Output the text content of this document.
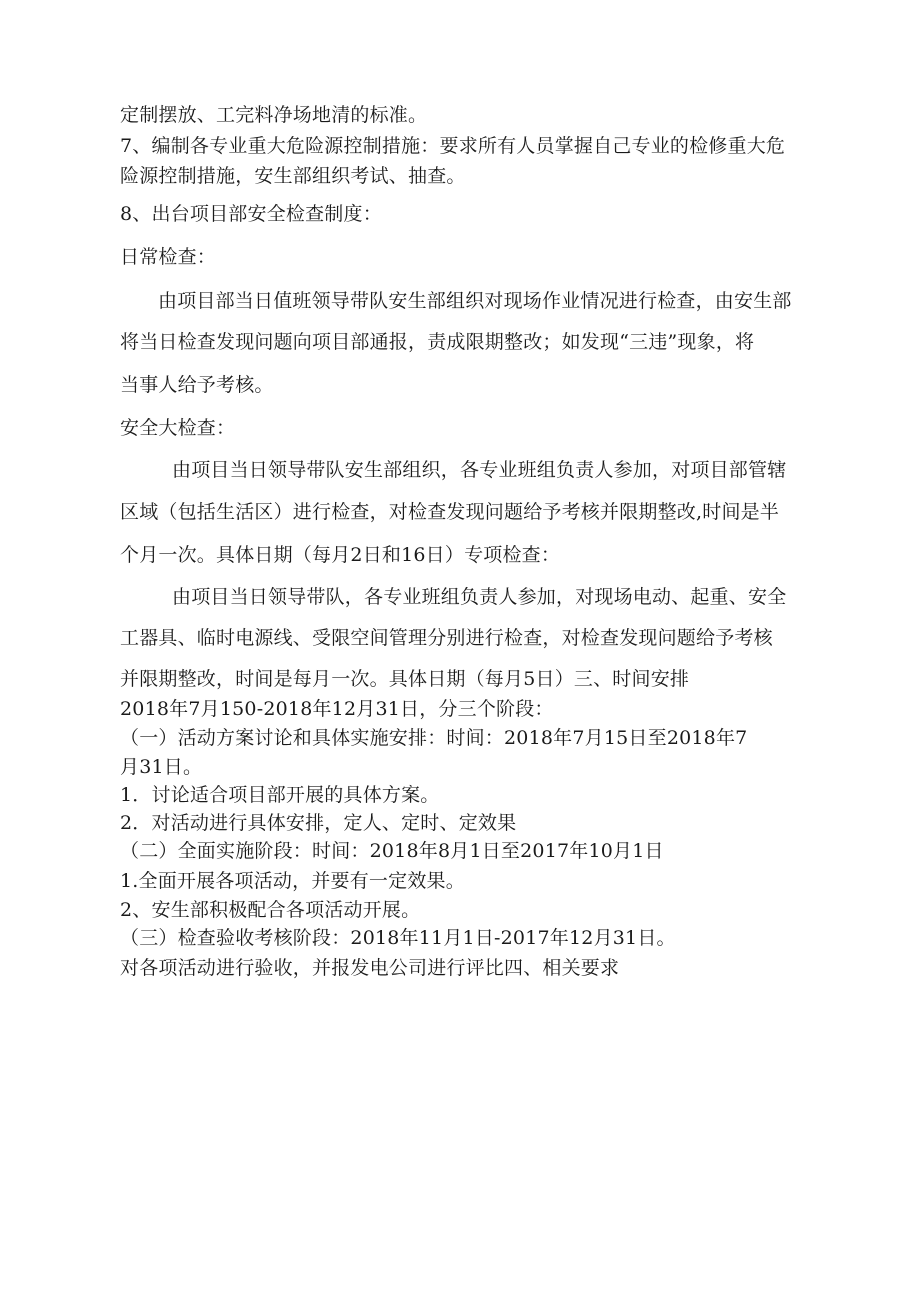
定制摆放、工完料净场地清的标准。
7、编制各专业重大危险源控制措施：要求所有人员掌握自己专业的检修重大危
险源控制措施，安生部组织考试、抽查。
8、出台项目部安全检查制度：
日常检查：
由项目部当日值班领导带队安生部组织对现场作业情况进行检查，由安生部
将当日检查发现问题向项目部通报，责成限期整改；如发现“三违”现象，将
当事人给予考核。
安全大检查：
由项目当日领导带队安生部组织，各专业班组负责人参加，对项目部管辖
区域（包括生活区）进行检查，对检查发现问题给予考核并限期整改,时间是半
个月一次。具体日期（每月2日和16日）专项检查：
由项目当日领导带队，各专业班组负责人参加，对现场电动、起重、安全
工器具、临时电源线、受限空间管理分别进行检查，对检查发现问题给予考核
并限期整改，时间是每月一次。具体日期（每月5日）三、时间安排
2018年7月150-2018年12月31日，分三个阶段：
（一）活动方案讨论和具体实施安排：时间：2018年7月15日至2018年7
月31日。
1．讨论适合项目部开展的具体方案。
2．对活动进行具体安排，定人、定时、定效果
（二）全面实施阶段：时间：2018年8月1日至2017年10月1日
1.全面开展各项活动，并要有一定效果。
2、安生部积极配合各项活动开展。
（三）检查验收考核阶段：2018年11月1日-2017年12月31日。
对各项活动进行验收，并报发电公司进行评比四、相关要求
